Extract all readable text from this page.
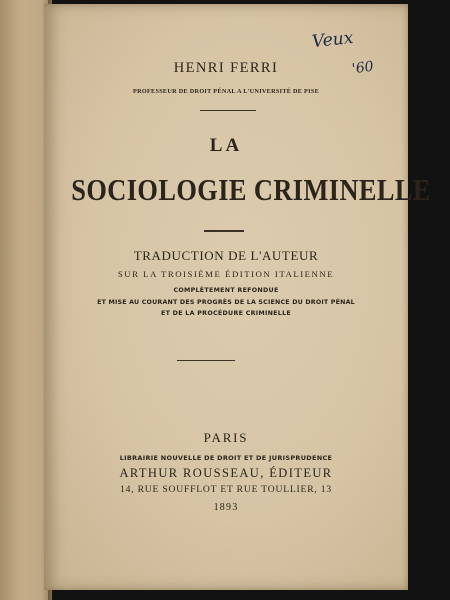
Veux
'60
HENRI FERRI
PROFESSEUR DE DROIT PÉNAL A L'UNIVERSITÉ DE PISE
LA
SOCIOLOGIE CRIMINELLE
TRADUCTION DE L'AUTEUR
SUR LA TROISIÈME ÉDITION ITALIENNE
COMPLÈTEMENT REFONDUE
ET MISE AU COURANT DES PROGRÈS DE LA SCIENCE DU DROIT PÉNAL
ET DE LA PROCÉDURE CRIMINELLE
PARIS
LIBRAIRIE NOUVELLE DE DROIT ET DE JURISPRUDENCE
ARTHUR ROUSSEAU, ÉDITEUR
14, RUE SOUFFLOT ET RUE TOULLIER, 13
1893
